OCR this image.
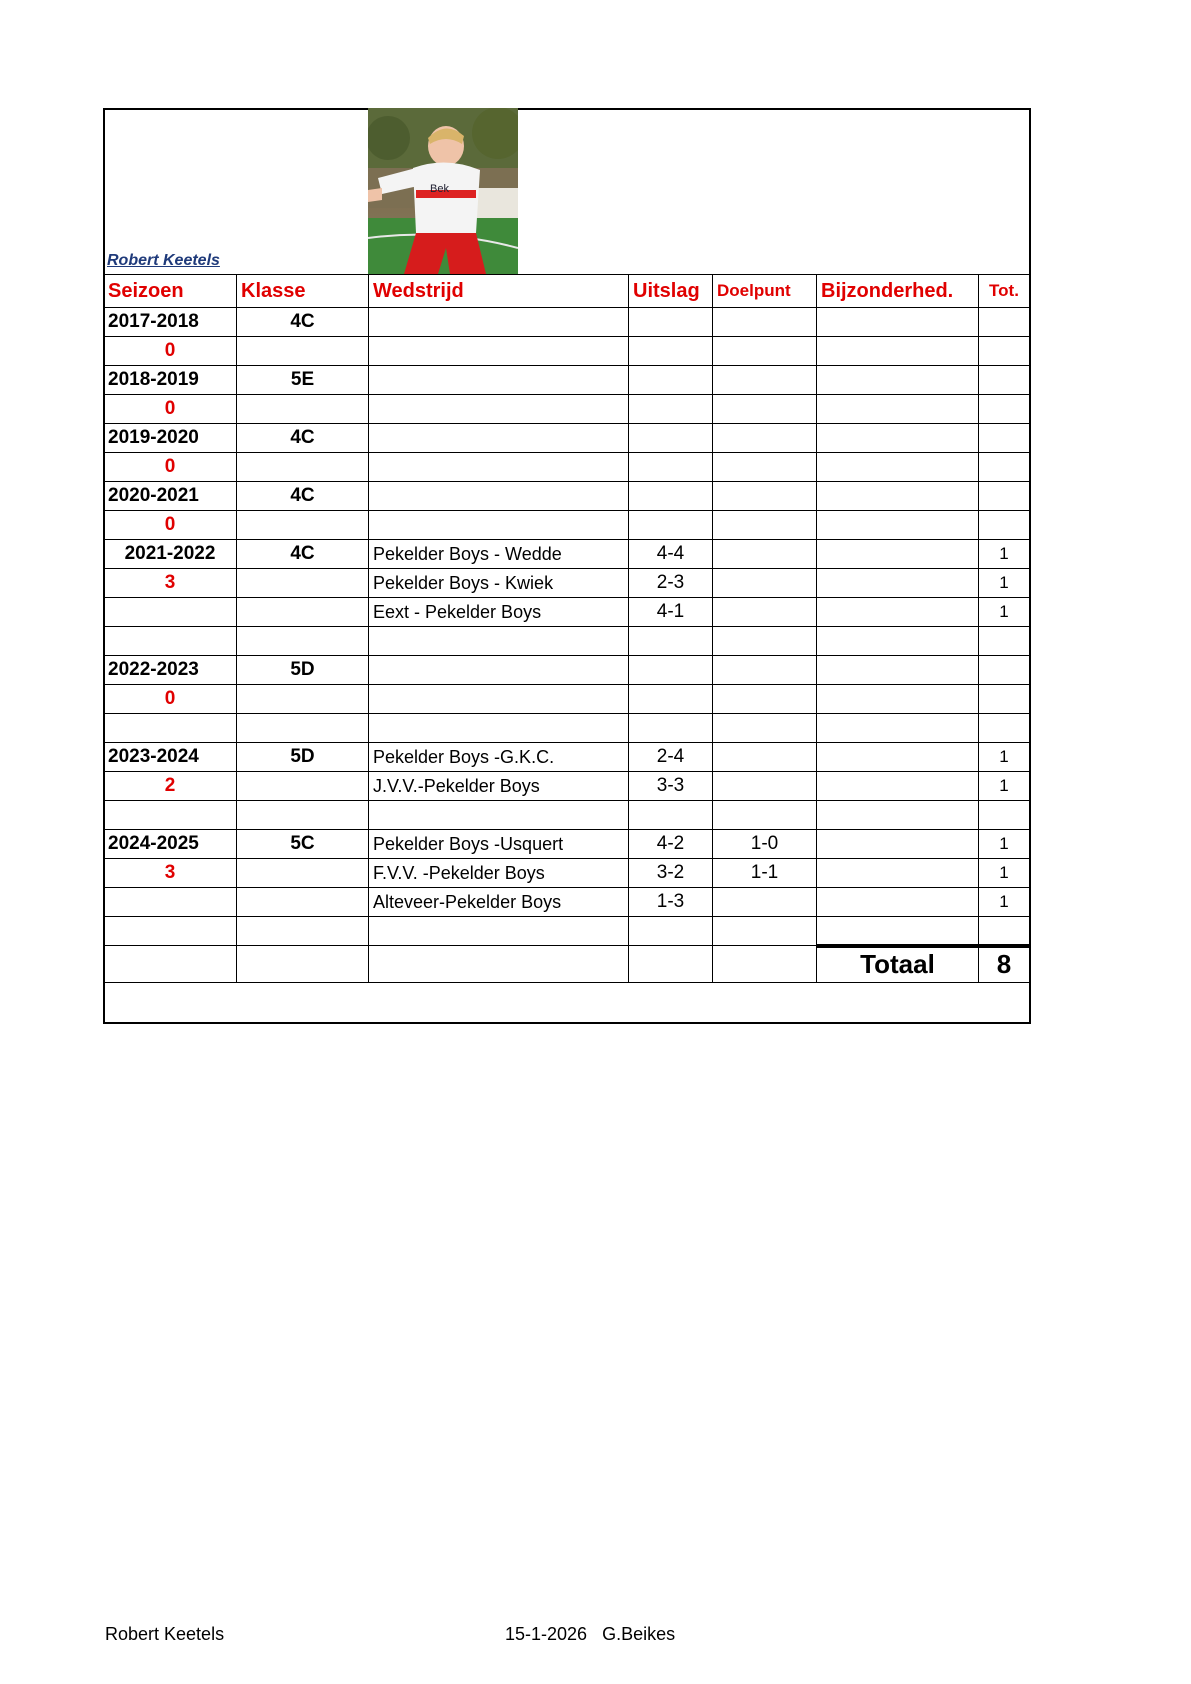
Robert Keetels
Bek
Seizoen	Klasse	Wedstrijd	Uitslag	Doelpunt	Bijzonderhed.	Tot.
2017-2018	4C					
0						
2018-2019	5E					
0						
2019-2020	4C					
0						
2020-2021	4C					
0						
2021-2022	4C	Pekelder Boys - Wedde	4-4			1
3		Pekelder Boys - Kwiek	2-3			1
		Eext - Pekelder Boys	4-1			1

2022-2023	5D					
0						

2023-2024	5D	Pekelder Boys -G.K.C.	2-4			1
2		J.V.V.-Pekelder Boys	3-3			1

2024-2025	5C	Pekelder Boys -Usquert	4-2	1-0		1
3		F.V.V. -Pekelder Boys	3-2	1-1		1
		Alteveer-Pekelder Boys	1-3			1

					Totaal	8
Robert Keetels	15-1-2026   G.Beikes
